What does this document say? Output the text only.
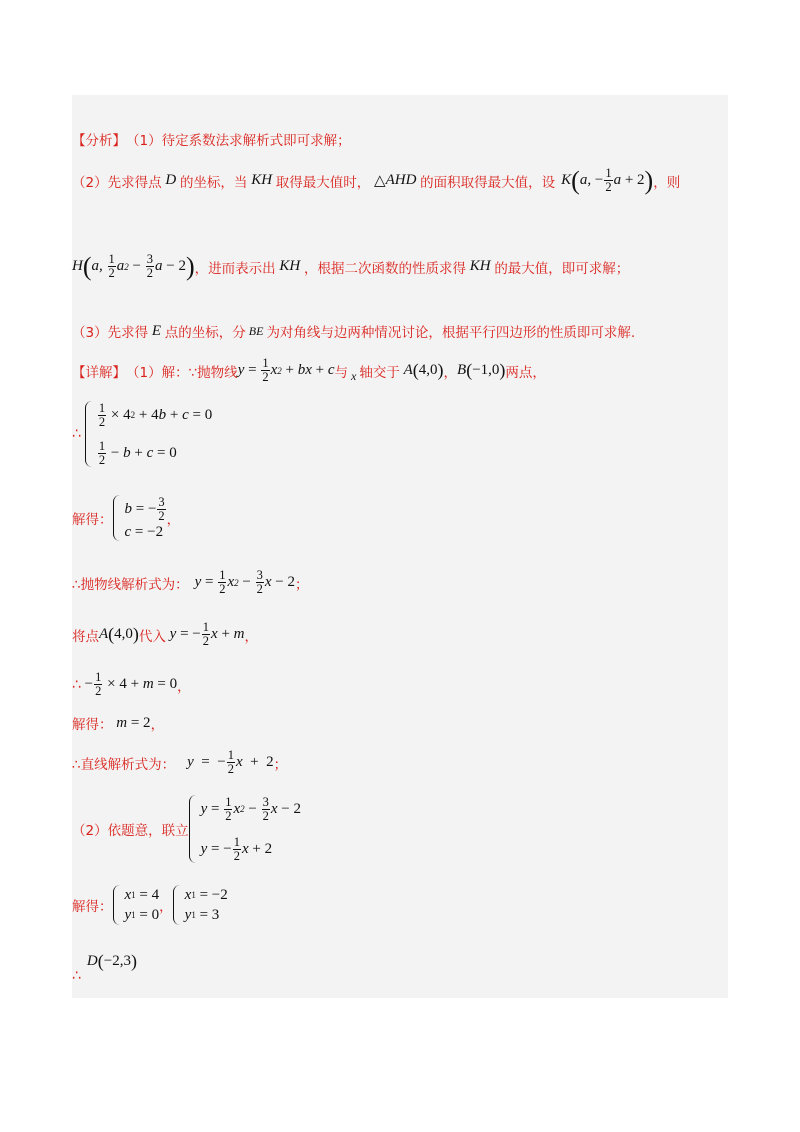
【分析】 （1）待定系数法求解析式即可求解；
（2）先求得点 D 的坐标，当 KH 取得最大值时，
△ AHD 的面积取得最大值，设 K ( a, − $\frac{1}{2}$ a + 2 ) ，则
H ( a, $\frac{1}{2}$ a $2 - \frac{3}{2}$ a − 2 ) ，进而表示出 KH ，根据二次函数的性质求得 KH 的最大值，即可求解；
（3）先求得 E 点的坐标，分 BE 为对角线与边两种情况讨论，根据平行四边形的性质即可求解.
【详解】 （1）解：∵抛物线 $y = \frac{1}{2}$ x 2 + bx + c 与 x 轴交于 A ( 4,0 ) ， B ( −1,0 ) 两点，
∴
$\frac{1}{2} \times 4$ 2 + 4 b + c = 0
$\frac{1}{2} - b + c = 0$
解得：
b = − $\frac{3}{2}$
c = −2
，
∴抛物线解析式为： $y = \frac{1}{2}$ x $2 - \frac{3}{2}$ x − 2 ；
将点 A ( 4,0 ) 代入 y = − $\frac{1}{2}$ x + m ，
∴
− $\frac{1}{2} \times 4 + m = 0$ ，
解得： m = 2 ，
∴直线解析式为： y =  − $\frac{1}{2}$ x +  2 ；
（2）依题意，联立
$y = \frac{1}{2}$ x $2 - \frac{3}{2}$ x − 2
y = − $\frac{1}{2}$ x + 2
解得：
x 1 = 4
y 1 = 0 ，
x 1 = −2
y 1 = 3
∴
D ( −2,3 )
